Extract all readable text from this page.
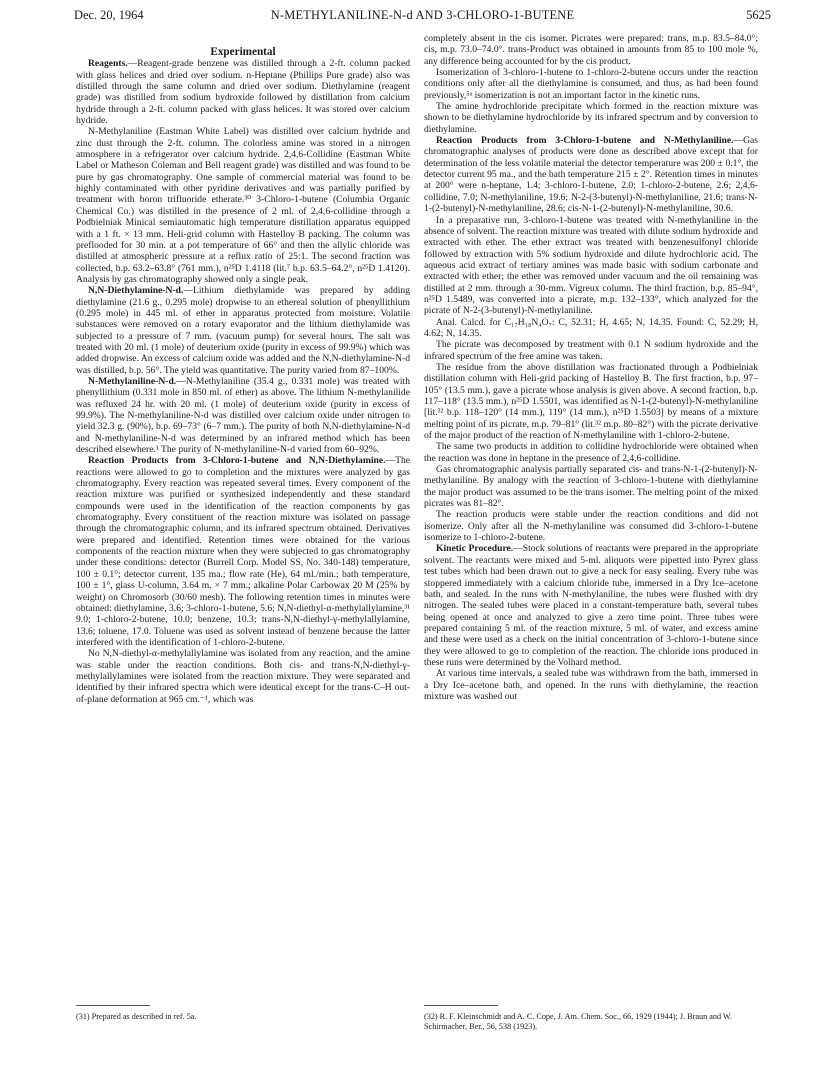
Dec. 20, 1964	N-METHYLANILINE-N-d AND 3-CHLORO-1-BUTENE	5625

Experimental

Reagents.—Reagent-grade benzene was distilled through a 2-ft. column packed with glass helices and dried over sodium. n-Heptane (Phillips Pure grade) also was distilled through the same column and dried over sodium. Diethylamine (reagent grade) was distilled from sodium hydroxide followed by distillation from calcium hydride through a 2-ft. column packed with glass helices. It was stored over calcium hydride.

N-Methylaniline (Eastman White Label) was distilled over calcium hydride and zinc dust through the 2-ft. column. The colorless amine was stored in a nitrogen atmosphere in a refrigerator over calcium hydride. 2,4,6-Collidine (Eastman White Label or Matheson Coleman and Bell reagent grade) was distilled and was found to be pure by gas chromatography. One sample of commercial material was found to be highly contaminated with other pyridine derivatives and was partially purified by treatment with boron trifluoride etherate.³⁰ 3-Chloro-1-butene (Columbia Organic Chemical Co.) was distilled in the presence of 2 ml. of 2,4,6-collidine through a Podbielniak Minical semiautomatic high temperature distillation apparatus equipped with a 1 ft. × 13 mm. Heli-grid column with Hastelloy B packing. The column was preflooded for 30 min. at a pot temperature of 66° and then the allylic chloride was distilled at atmospheric pressure at a reflux ratio of 25:1. The second fraction was collected, b.p. 63.2–63.8° (761 mm.), n²⁵D 1.4118 (lit.⁷ b.p. 63.5–64.2°, n²⁵D 1.4120). Analysis by gas chromatography showed only a single peak.

N,N-Diethylamine-N-d.—Lithium diethylamide was prepared by adding diethylamine (21.6 g., 0.295 mole) dropwise to an ethereal solution of phenyllithium (0.295 mole) in 445 ml. of ether in apparatus protected from moisture. Volatile substances were removed on a rotary evaporator and the lithium diethylamide was subjected to a pressure of 7 mm. (vacuum pump) for several hours. The salt was treated with 20 ml. (1 mole) of deuterium oxide (purity in excess of 99.9%) which was added dropwise. An excess of calcium oxide was added and the N,N-diethylamine-N-d was distilled, b.p. 56°. The yield was quantitative. The purity varied from 87–100%.

N-Methylaniline-N-d.—N-Methylaniline (35.4 g., 0.331 mole) was treated with phenyllithium (0.331 mole in 850 ml. of ether) as above. The lithium N-methylanilide was refluxed 24 hr. with 20 ml. (1 mole) of deuterium oxide (purity in excess of 99.9%). The N-methylaniline-N-d was distilled over calcium oxide under nitrogen to yield 32.3 g. (90%), b.p. 69–73° (6–7 mm.). The purity of both N,N-diethylamine-N-d and N-methylaniline-N-d was determined by an infrared method which has been described elsewhere.¹ The purity of N-methylaniline-N-d varied from 60–92%.

Reaction Products from 3-Chloro-1-butene and N,N-Diethylamine.—The reactions were allowed to go to completion and the mixtures were analyzed by gas chromatography. Every reaction was repeated several times. Every component of the reaction mixture was purified or synthesized independently and these standard compounds were used in the identification of the reaction components by gas chromatography. Every constituent of the reaction mixture was isolated on passage through the chromatographic column, and its infrared spectrum obtained. Derivatives were prepared and identified. Retention times were obtained for the various components of the reaction mixture when they were subjected to gas chromatography under these conditions: detector (Burrell Corp. Model SS, No. 340-148) temperature, 100 ± 0.1°; detector current, 135 ma.; flow rate (He), 64 ml./min.; bath temperature, 100 ± 1°, glass U-column, 3.64 m. × 7 mm.; alkaline Polar Carbowax 20 M (25% by weight) on Chromosorb (30/60 mesh). The following retention times in minutes were obtained: diethylamine, 3.6; 3-chloro-1-butene, 5.6; N,N-diethyl-α-methylallylamine,³¹ 9.0; 1-chloro-2-butene, 10.0; benzene, 10.3; trans-N,N-diethyl-γ-methylallylamine, 13.6; toluene, 17.0. Toluene was used as solvent instead of benzene because the latter interfered with the identification of 1-chloro-2-butene.

No N,N-diethyl-α-methylallylamine was isolated from any reaction, and the amine was stable under the reaction conditions. Both cis- and trans-N,N-diethyl-γ-methylallylamines were isolated from the reaction mixture. They were separated and identified by their infrared spectra which were identical except for the trans-C–H out-of-plane deformation at 965 cm.⁻¹, which was

(31) Prepared as described in ref. 5a.

completely absent in the cis isomer. Picrates were prepared: trans, m.p. 83.5–84.0°; cis, m.p. 73.0–74.0°. trans-Product was obtained in amounts from 85 to 100 mole %, any difference being accounted for by the cis product.

Isomerization of 3-chloro-1-butene to 1-chloro-2-butene occurs under the reaction conditions only after all the diethylamine is consumed, and thus, as had been found previously,⁵ᵃ isomerization is not an important factor in the kinetic runs.

The amine hydrochloride precipitate which formed in the reaction mixture was shown to be diethylamine hydrochloride by its infrared spectrum and by conversion to diethylamine.

Reaction Products from 3-Chloro-1-butene and N-Methylaniline.—Gas chromatographic analyses of products were done as described above except that for determination of the less volatile material the detector temperature was 200 ± 0.1°, the detector current 95 ma., and the bath temperature 215 ± 2°. Retention times in minutes at 200° were n-heptane, 1.4; 3-chloro-1-butene, 2.0; 1-chloro-2-butene, 2.6; 2,4,6-collidine, 7.0; N-methylaniline, 19.6; N-2-(3-butenyl)-N-methylaniline, 21.6; trans-N-1-(2-butenyl)-N-methylaniline, 28.6; cis-N-1-(2-butenyl)-N-methylaniline, 30.6.

In a preparative run, 3-chloro-1-butene was treated with N-methylaniline in the absence of solvent. The reaction mixture was treated with dilute sodium hydroxide and extracted with ether. The ether extract was treated with benzenesulfonyl chloride followed by extraction with 5% sodium hydroxide and dilute hydrochloric acid. The aqueous acid extract of tertiary amines was made basic with sodium carbonate and extracted with ether; the ether was removed under vacuum and the oil remaining was distilled at 2 mm. through a 30-mm. Vigreux column. The third fraction, b.p. 85–94°, n²⁵D 1.5489, was converted into a picrate, m.p. 132–133°, which analyzed for the picrate of N-2-(3-butenyl)-N-methylaniline.

Anal. Calcd. for C₁₇H₁₈N₄O₇: C, 52.31; H, 4.65; N, 14.35. Found: C, 52.29; H, 4.62; N, 14.35.

The picrate was decomposed by treatment with 0.1 N sodium hydroxide and the infrared spectrum of the free amine was taken.

The residue from the above distillation was fractionated through a Podbielniak distillation column with Heli-grid packing of Hastelloy B. The first fraction, b.p. 97–105° (13.5 mm.), gave a picrate whose analysis is given above. A second fraction, b.p. 117–118° (13.5 mm.), n²⁵D 1.5501, was identified as N-1-(2-butenyl)-N-methylaniline [lit.³² b.p. 118–120° (14 mm.), 119° (14 mm.), n²⁵D 1.5503] by means of a mixture melting point of its picrate, m.p. 79–81° (lit.³² m.p. 80–82°) with the picrate derivative of the major product of the reaction of N-methylaniline with 1-chloro-2-butene.

The same two products in addition to collidine hydrochloride were obtained when the reaction was done in heptane in the presence of 2,4,6-collidine.

Gas chromatographic analysis partially separated cis- and trans-N-1-(2-butenyl)-N-methylaniline. By analogy with the reaction of 3-chloro-1-butene with diethylamine the major product was assumed to be the trans isomer. The melting point of the mixed picrates was 81–82°.

The reaction products were stable under the reaction conditions and did not isomerize. Only after all the N-methylaniline was consumed did 3-chloro-1-butene isomerize to 1-chloro-2-butene.

Kinetic Procedure.—Stock solutions of reactants were prepared in the appropriate solvent. The reactants were mixed and 5-ml. aliquots were pipetted into Pyrex glass test tubes which had been drawn out to give a neck for easy sealing. Every tube was stoppered immediately with a calcium chloride tube, immersed in a Dry Ice–acetone bath, and sealed. In the runs with N-methylaniline, the tubes were flushed with dry nitrogen. The sealed tubes were placed in a constant-temperature bath, several tubes being opened at once and analyzed to give a zero time point. Three tubes were prepared containing 5 ml. of the reaction mixture, 5 ml. of water, and excess amine and these were used as a check on the initial concentration of 3-chloro-1-butene since they were allowed to go to completion of the reaction. The chloride ions produced in these runs were determined by the Volhard method.

At various time intervals, a sealed tube was withdrawn from the bath, immersed in a Dry Ice–acetone bath, and opened. In the runs with diethylamine, the reaction mixture was washed out

(32) R. F. Kleinschmidt and A. C. Cope, J. Am. Chem. Soc., 66, 1929 (1944); J. Braun and W. Schirmacher, Ber., 56, 538 (1923).
